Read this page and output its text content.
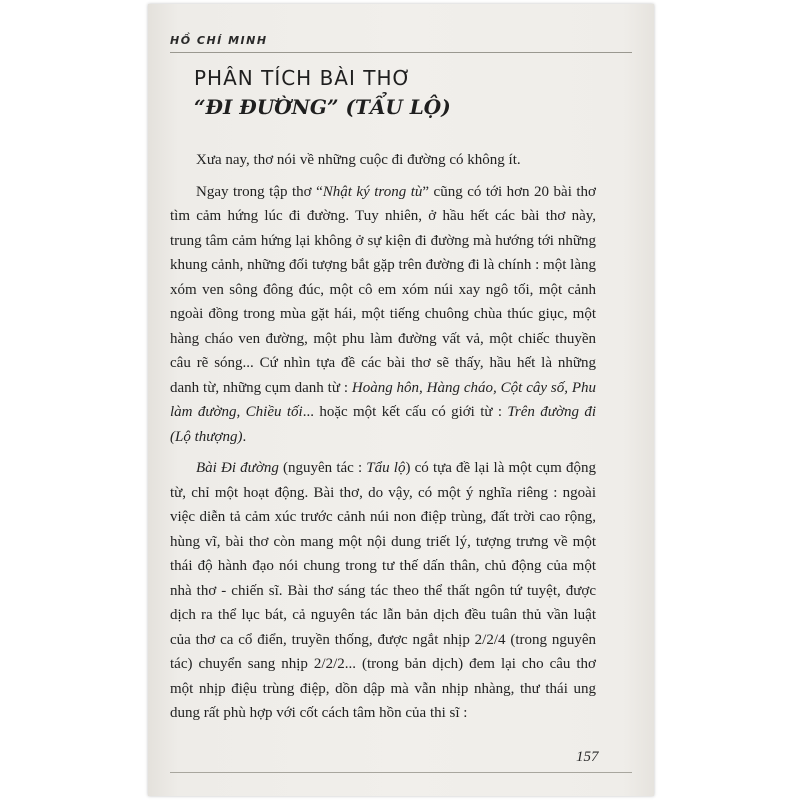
HỒ CHÍ MINH
PHÂN TÍCH BÀI THƠ
“ĐI ĐƯỜNG” (TẨU LỘ)

Xưa nay, thơ nói về những cuộc đi đường có không ít.

Ngay trong tập thơ “Nhật ký trong tù” cũng có tới hơn 20 bài thơ tìm cảm hứng lúc đi đường. Tuy nhiên, ở hầu hết các bài thơ này, trung tâm cảm hứng lại không ở sự kiện đi đường mà hướng tới những khung cảnh, những đối tượng bắt gặp trên đường đi là chính : một làng xóm ven sông đông đúc, một cô em xóm núi xay ngô tối, một cảnh ngoài đồng trong mùa gặt hái, một tiếng chuông chùa thúc giục, một hàng cháo ven đường, một phu làm đường vất vả, một chiếc thuyền câu rẽ sóng... Cứ nhìn tựa đề các bài thơ sẽ thấy, hầu hết là những danh từ, những cụm danh từ : Hoàng hôn, Hàng cháo, Cột cây số, Phu làm đường, Chiều tối... hoặc một kết cấu có giới từ : Trên đường đi (Lộ thượng).

Bài Đi đường (nguyên tác : Tẩu lộ) có tựa đề lại là một cụm động từ, chỉ một hoạt động. Bài thơ, do vậy, có một ý nghĩa riêng : ngoài việc diễn tả cảm xúc trước cảnh núi non điệp trùng, đất trời cao rộng, hùng vĩ, bài thơ còn mang một nội dung triết lý, tượng trưng về một thái độ hành đạo nói chung trong tư thế dấn thân, chủ động của một nhà thơ - chiến sĩ. Bài thơ sáng tác theo thể thất ngôn tứ tuyệt, được dịch ra thể lục bát, cả nguyên tác lẫn bản dịch đều tuân thủ vần luật của thơ ca cổ điển, truyền thống, được ngắt nhịp 2/2/4 (trong nguyên tác) chuyển sang nhịp 2/2/2... (trong bản dịch) đem lại cho câu thơ một nhịp điệu trùng điệp, dồn dập mà vẫn nhịp nhàng, thư thái ung dung rất phù hợp với cốt cách tâm hồn của thi sĩ :

157
